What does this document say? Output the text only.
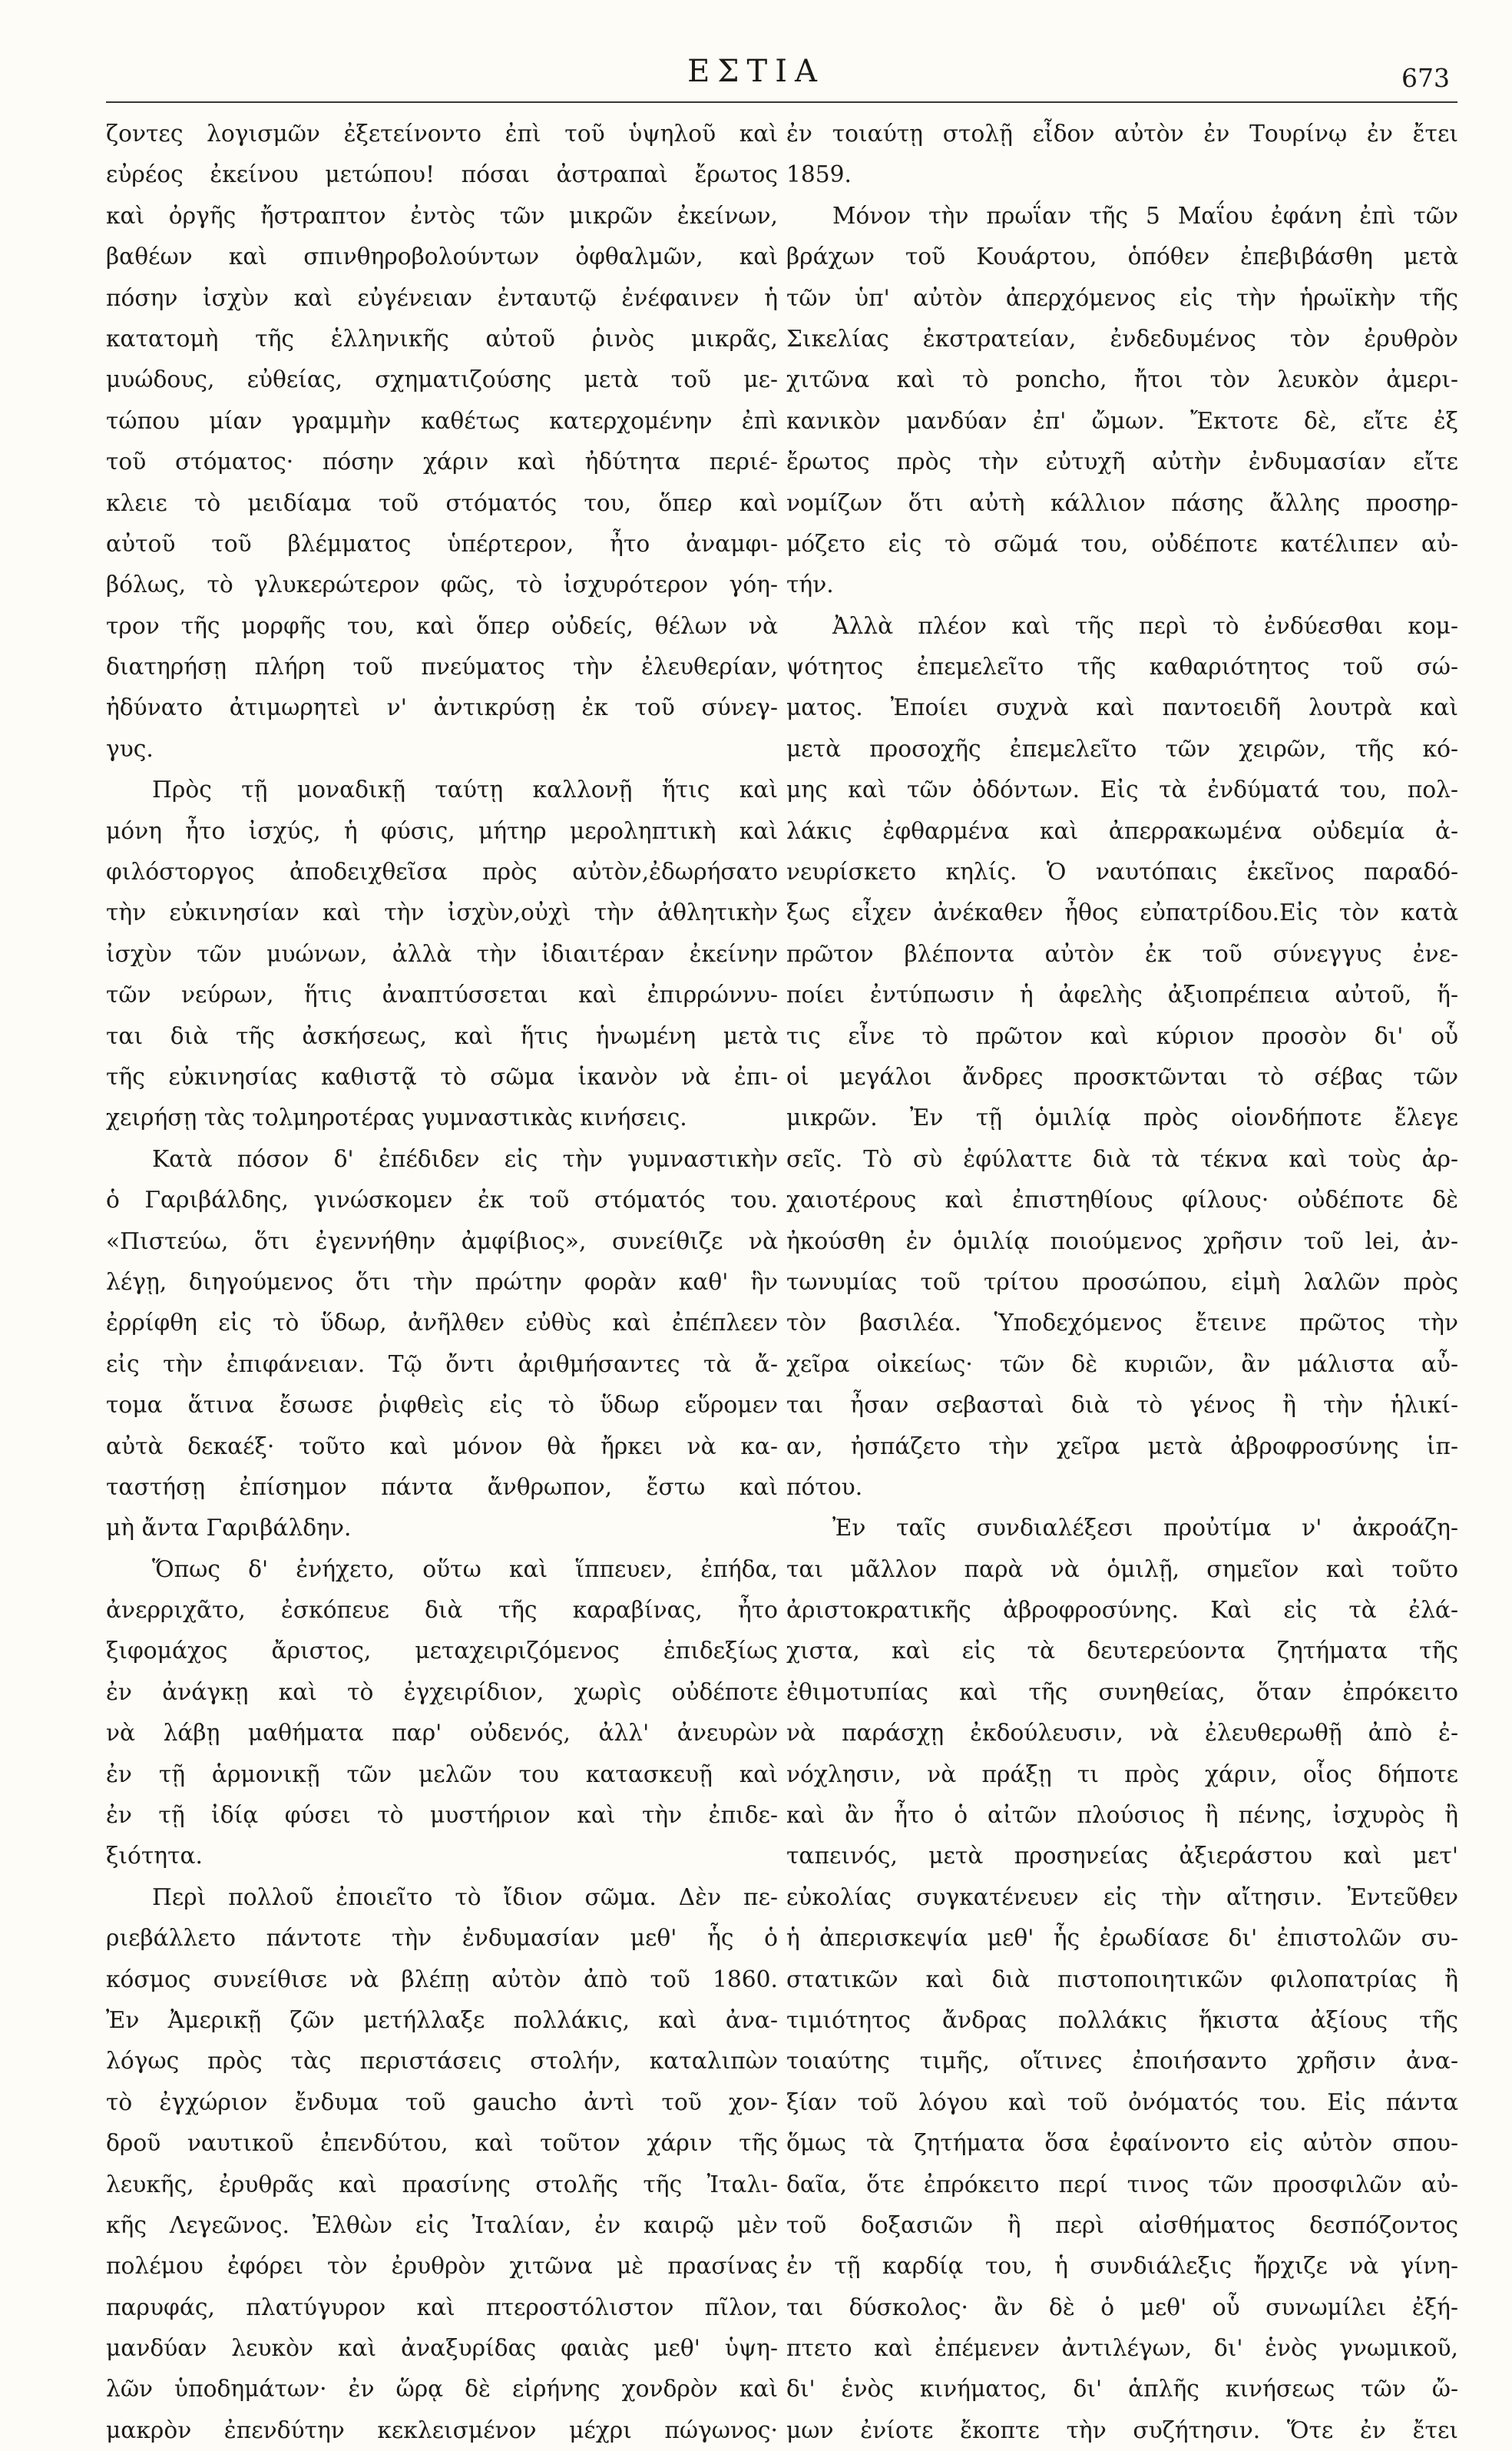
ΕΣΤΙΑ	673
ζοντες λογισμῶν ἐξετείνοντο ἐπὶ τοῦ ὑψηλοῦ καὶ
εὐρέος ἐκείνου μετώπου! πόσαι ἀστραπαὶ ἔρωτος
καὶ ὀργῆς ἤστραπτον ἐντὸς τῶν μικρῶν ἐκείνων,
βαθέων καὶ σπινθηροβολούντων ὀφθαλμῶν, καὶ
πόσην ἰσχὺν καὶ εὐγένειαν ἐνταυτῷ ἐνέφαινεν ἡ
κατατομὴ τῆς ἑλληνικῆς αὐτοῦ ῥινὸς μικρᾶς,
μυώδους, εὐθείας, σχηματιζούσης μετὰ τοῦ με-
τώπου μίαν γραμμὴν καθέτως κατερχομένην ἐπὶ
τοῦ στόματος· πόσην χάριν καὶ ἠδύτητα περιέ-
κλειε τὸ μειδίαμα τοῦ στόματός του, ὅπερ καὶ
αὐτοῦ τοῦ βλέμματος ὑπέρτερον, ἦτο ἀναμφι-
βόλως, τὸ γλυκερώτερον φῶς, τὸ ἰσχυρότερον γόη-
τρον τῆς μορφῆς του, καὶ ὅπερ οὐδείς, θέλων νὰ
διατηρήσῃ πλήρη τοῦ πνεύματος τὴν ἐλευθερίαν,
ἠδύνατο ἀτιμωρητεὶ ν' ἀντικρύσῃ ἐκ τοῦ σύνεγ-
γυς.
Πρὸς τῇ μοναδικῇ ταύτῃ καλλονῇ ἥτις καὶ
μόνη ἦτο ἰσχύς, ἡ φύσις, μήτηρ μεροληπτικὴ καὶ
φιλόστοργος ἀποδειχθεῖσα πρὸς αὐτὸν,ἐδωρήσατο
τὴν εὐκινησίαν καὶ τὴν ἰσχὺν,οὐχὶ τὴν ἀθλητικὴν
ἰσχὺν τῶν μυώνων, ἀλλὰ τὴν ἰδιαιτέραν ἐκείνην
τῶν νεύρων, ἥτις ἀναπτύσσεται καὶ ἐπιρρώννυ-
ται διὰ τῆς ἀσκήσεως, καὶ ἥτις ἡνωμένη μετὰ
τῆς εὐκινησίας καθιστᾷ τὸ σῶμα ἱκανὸν νὰ ἐπι-
χειρήσῃ τὰς τολμηροτέρας γυμναστικὰς κινήσεις.
Κατὰ πόσον δ' ἐπέδιδεν εἰς τὴν γυμναστικὴν
ὁ Γαριβάλδης, γινώσκομεν ἐκ τοῦ στόματός του.
«Πιστεύω, ὅτι ἐγεννήθην ἀμφίβιος», συνείθιζε νὰ
λέγῃ, διηγούμενος ὅτι τὴν πρώτην φορὰν καθ' ἣν
ἐρρίφθη εἰς τὸ ὕδωρ, ἀνῆλθεν εὐθὺς καὶ ἐπέπλεεν
εἰς τὴν ἐπιφάνειαν. Τῷ ὄντι ἀριθμήσαντες τὰ ἄ-
τομα ἅτινα ἔσωσε ῥιφθεὶς εἰς τὸ ὕδωρ εὕρομεν
αὐτὰ δεκαέξ· τοῦτο καὶ μόνον θὰ ἤρκει νὰ κα-
ταστήσῃ ἐπίσημον πάντα ἄνθρωπον, ἔστω καὶ
μὴ ἄντα Γαριβάλδην.
Ὅπως δ' ἐνήχετο, οὕτω καὶ ἵππευεν, ἐπήδα,
ἀνερριχᾶτο, ἐσκόπευε διὰ τῆς καραβίνας, ἦτο
ξιφομάχος ἄριστος, μεταχειριζόμενος ἐπιδεξίως
ἐν ἀνάγκῃ καὶ τὸ ἐγχειρίδιον, χωρὶς οὐδέποτε
νὰ λάβῃ μαθήματα παρ' οὐδενός, ἀλλ' ἀνευρὼν
ἐν τῇ ἁρμονικῇ τῶν μελῶν του κατασκευῇ καὶ
ἐν τῇ ἰδίᾳ φύσει τὸ μυστήριον καὶ τὴν ἐπιδε-
ξιότητα.
Περὶ πολλοῦ ἐποιεῖτο τὸ ἴδιον σῶμα. Δὲν πε-
ριεβάλλετο πάντοτε τὴν ἐνδυμασίαν μεθ' ἧς ὁ
κόσμος συνείθισε νὰ βλέπῃ αὐτὸν ἀπὸ τοῦ 1860.
Ἐν Ἀμερικῇ ζῶν μετήλλαξε πολλάκις, καὶ ἀνα-
λόγως πρὸς τὰς περιστάσεις στολήν, καταλιπὼν
τὸ ἐγχώριον ἔνδυμα τοῦ gaucho ἀντὶ τοῦ χον-
δροῦ ναυτικοῦ ἐπενδύτου, καὶ τοῦτον χάριν τῆς
λευκῆς, ἐρυθρᾶς καὶ πρασίνης στολῆς τῆς Ἰταλι-
κῆς Λεγεῶνος. Ἐλθὼν εἰς Ἰταλίαν, ἐν καιρῷ μὲν
πολέμου ἐφόρει τὸν ἐρυθρὸν χιτῶνα μὲ πρασίνας
παρυφάς, πλατύγυρον καὶ πτεροστόλιστον πῖλον,
μανδύαν λευκὸν καὶ ἀναξυρίδας φαιὰς μεθ' ὑψη-
λῶν ὑποδημάτων· ἐν ὥρᾳ δὲ εἰρήνης χονδρὸν καὶ
μακρὸν ἐπενδύτην κεκλεισμένον μέχρι πώγωνος·
ἐν τοιαύτῃ στολῇ εἶδον αὐτὸν ἐν Τουρίνῳ ἐν ἔτει
1859.
Μόνον τὴν πρωΐαν τῆς 5 Μαΐου ἐφάνη ἐπὶ τῶν
βράχων τοῦ Κουάρτου, ὁπόθεν ἐπεβιβάσθη μετὰ
τῶν ὑπ' αὐτὸν ἀπερχόμενος εἰς τὴν ἡρωϊκὴν τῆς
Σικελίας ἐκστρατείαν, ἐνδεδυμένος τὸν ἐρυθρὸν
χιτῶνα καὶ τὸ poncho, ἤτοι τὸν λευκὸν ἀμερι-
κανικὸν μανδύαν ἐπ' ὤμων. Ἔκτοτε δὲ, εἴτε ἐξ
ἔρωτος πρὸς τὴν εὐτυχῆ αὐτὴν ἐνδυμασίαν εἴτε
νομίζων ὅτι αὐτὴ κάλλιον πάσης ἄλλης προσηρ-
μόζετο εἰς τὸ σῶμά του, οὐδέποτε κατέλιπεν αὐ-
τήν.
Ἀλλὰ πλέον καὶ τῆς περὶ τὸ ἐνδύεσθαι κομ-
ψότητος ἐπεμελεῖτο τῆς καθαριότητος τοῦ σώ-
ματος. Ἐποίει συχνὰ καὶ παντοειδῆ λουτρὰ καὶ
μετὰ προσοχῆς ἐπεμελεῖτο τῶν χειρῶν, τῆς κό-
μης καὶ τῶν ὀδόντων. Εἰς τὰ ἐνδύματά του, πολ-
λάκις ἐφθαρμένα καὶ ἀπερρακωμένα οὐδεμία ἀ-
νευρίσκετο κηλίς. Ὁ ναυτόπαις ἐκεῖνος παραδό-
ξως εἶχεν ἀνέκαθεν ἦθος εὐπατρίδου.Εἰς τὸν κατὰ
πρῶτον βλέποντα αὐτὸν ἐκ τοῦ σύνεγγυς ἐνε-
ποίει ἐντύπωσιν ἡ ἀφελὴς ἀξιοπρέπεια αὐτοῦ, ἥ-
τις εἶνε τὸ πρῶτον καὶ κύριον προσὸν δι' οὗ
οἱ μεγάλοι ἄνδρες προσκτῶνται τὸ σέβας τῶν
μικρῶν. Ἐν τῇ ὁμιλίᾳ πρὸς οἱονδήποτε ἔλεγε
σεῖς. Τὸ σὺ ἐφύλαττε διὰ τὰ τέκνα καὶ τοὺς ἀρ-
χαιοτέρους καὶ ἐπιστηθίους φίλους· οὐδέποτε δὲ
ἠκούσθη ἐν ὁμιλίᾳ ποιούμενος χρῆσιν τοῦ lei, ἀν-
τωνυμίας τοῦ τρίτου προσώπου, εἰμὴ λαλῶν πρὸς
τὸν βασιλέα. Ὑποδεχόμενος ἔτεινε πρῶτος τὴν
χεῖρα οἰκείως· τῶν δὲ κυριῶν, ἂν μάλιστα αὖ-
ται ἦσαν σεβασταὶ διὰ τὸ γένος ἢ τὴν ἡλικί-
αν, ἠσπάζετο τὴν χεῖρα μετὰ ἀβροφροσύνης ἱπ-
πότου.
Ἐν ταῖς συνδιαλέξεσι προὐτίμα ν' ἀκροάζη-
ται μᾶλλον παρὰ νὰ ὁμιλῇ, σημεῖον καὶ τοῦτο
ἀριστοκρατικῆς ἀβροφροσύνης. Καὶ εἰς τὰ ἐλά-
χιστα, καὶ εἰς τὰ δευτερεύοντα ζητήματα τῆς
ἐθιμοτυπίας καὶ τῆς συνηθείας, ὅταν ἐπρόκειτο
νὰ παράσχῃ ἐκδούλευσιν, νὰ ἐλευθερωθῇ ἀπὸ ἐ-
νόχλησιν, νὰ πράξῃ τι πρὸς χάριν, οἷος δήποτε
καὶ ἂν ἦτο ὁ αἰτῶν πλούσιος ἢ πένης, ἰσχυρὸς ἢ
ταπεινός, μετὰ προσηνείας ἀξιεράστου καὶ μετ'
εὐκολίας συγκατένευεν εἰς τὴν αἴτησιν. Ἐντεῦθεν
ἡ ἀπερισκεψία μεθ' ἧς ἐρωδίασε δι' ἐπιστολῶν συ-
στατικῶν καὶ διὰ πιστοποιητικῶν φιλοπατρίας ἢ
τιμιότητος ἄνδρας πολλάκις ἥκιστα ἀξίους τῆς
τοιαύτης τιμῆς, οἵτινες ἐποιήσαντο χρῆσιν ἀνα-
ξίαν τοῦ λόγου καὶ τοῦ ὀνόματός του. Εἰς πάντα
ὅμως τὰ ζητήματα ὅσα ἐφαίνοντο εἰς αὐτὸν σπου-
δαῖα, ὅτε ἐπρόκειτο περί τινος τῶν προσφιλῶν αὐ-
τοῦ δοξασιῶν ἢ περὶ αἰσθήματος δεσπόζοντος
ἐν τῇ καρδίᾳ του, ἡ συνδιάλεξις ἤρχιζε νὰ γίνη-
ται δύσκολος· ἂν δὲ ὁ μεθ' οὗ συνωμίλει ἐξή-
πτετο καὶ ἐπέμενεν ἀντιλέγων, δι' ἑνὸς γνωμικοῦ,
δι' ἑνὸς κινήματος, δι' ἁπλῆς κινήσεως τῶν ὤ-
μων ἐνίοτε ἔκοπτε τὴν συζήτησιν. Ὅτε ἐν ἔτει
